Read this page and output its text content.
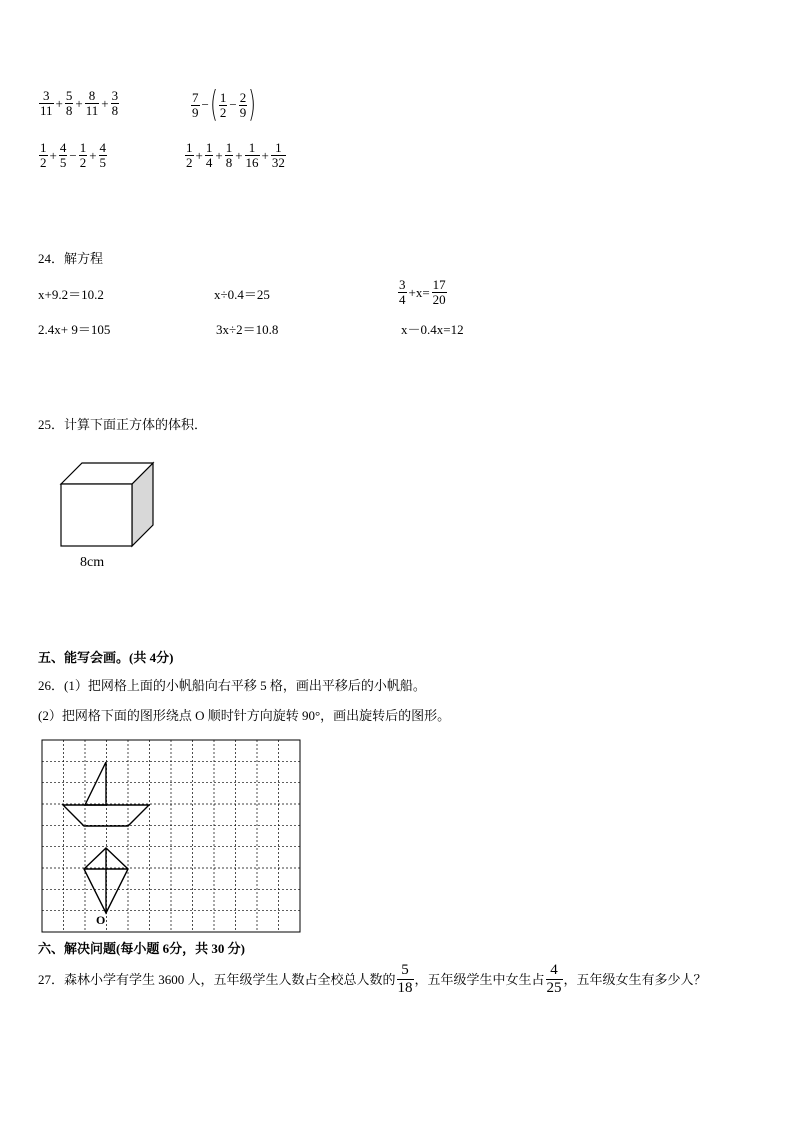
$\frac{3}{11} + \frac{5}{8} + \frac{8}{11} + \frac{3}{8}$	$\frac{7}{9}$ − ( $\frac{1}{2} - \frac{2}{9}$ )
$\frac{1}{2} + \frac{4}{5} - \frac{1}{2} + \frac{4}{5}$	$\frac{1}{2} + \frac{1}{4} + \frac{1}{8} + \frac{1}{16} + \frac{1}{32}$
24．解方程
x+9.2＝10.2	x÷0.4＝25	$\frac{3}{4} +x= \frac{17}{20}$
2.4x+ 9＝105	3x÷2＝10.8	x－0.4x=12
25．计算下面正方体的体积．
8cm
五、能写会画。(共 4分)
26．(1）把网格上面的小帆船向右平移 5 格，画出平移后的小帆船。
(2）把网格下面的图形绕点 O 顺时针方向旋转 90°，画出旋转后的图形。
O
六、解决问题(每小题 6分，共 30 分)
27．森林小学有学生 3600 人，五年级学生人数占全校总人数的 $\frac{5}{18}$ ，五年级学生中女生占 $\frac{4}{25}$ ，五年级女生有多少人？
